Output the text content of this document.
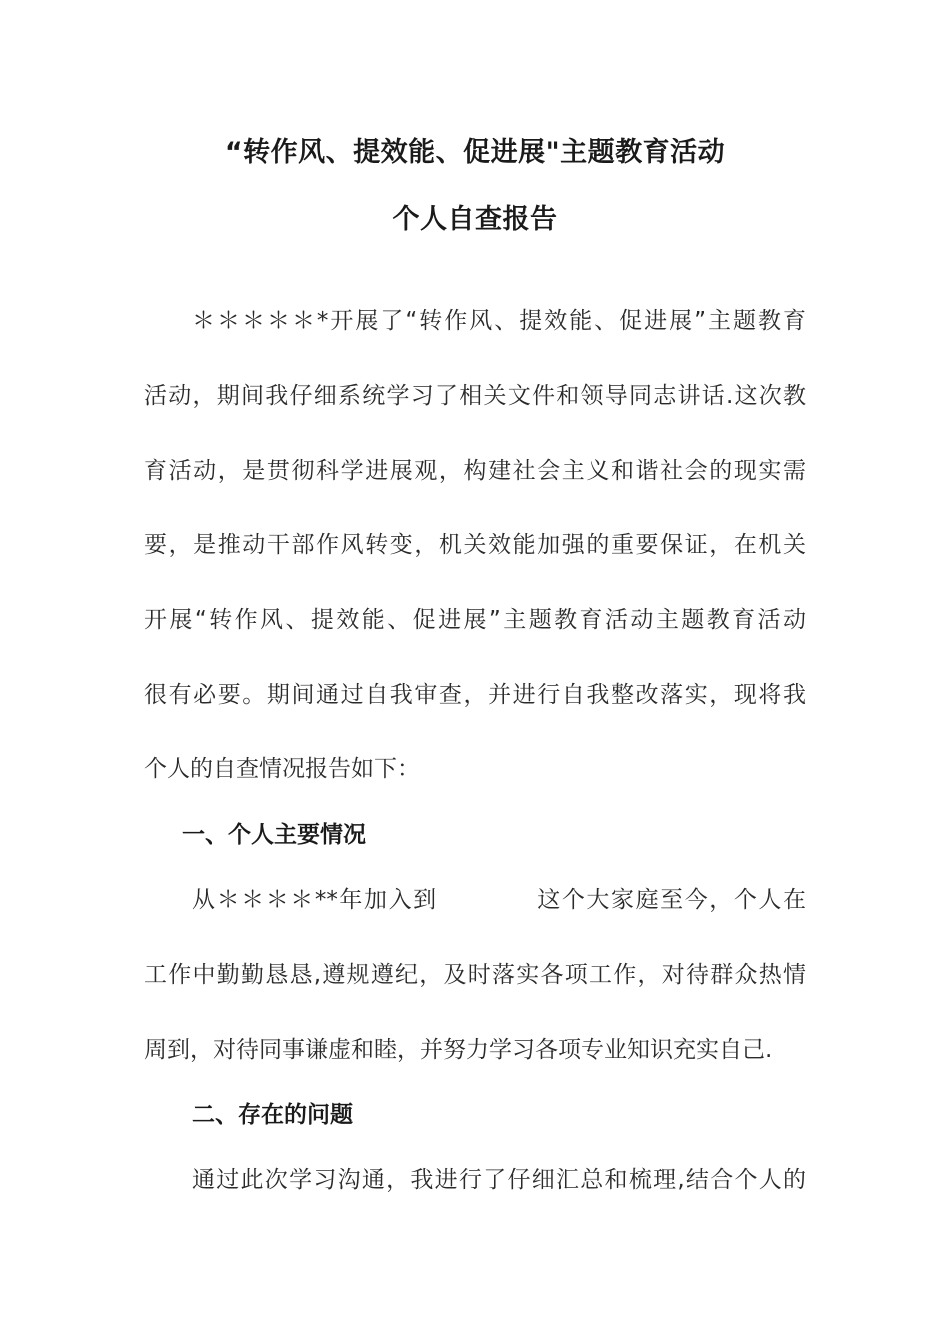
“转作风、提效能、促进展"主题教育活动
个人自查报告
＊＊＊＊＊*开展了“转作风、提效能、促进展”主题教育
活动，期间我仔细系统学习了相关文件和领导同志讲话.这次教
育活动，是贯彻科学进展观，构建社会主义和谐社会的现实需
要，是推动干部作风转变，机关效能加强的重要保证，在机关
开展“转作风、提效能、促进展”主题教育活动主题教育活动
很有必要。期间通过自我审查，并进行自我整改落实，现将我
个人的自查情况报告如下：
一、个人主要情况
从＊＊＊＊**年加入到	这个大家庭至今，个人在
工作中勤勤恳恳,遵规遵纪，及时落实各项工作，对待群众热情
周到，对待同事谦虚和睦，并努力学习各项专业知识充实自己.
二、存在的问题
通过此次学习沟通，我进行了仔细汇总和梳理,结合个人的
